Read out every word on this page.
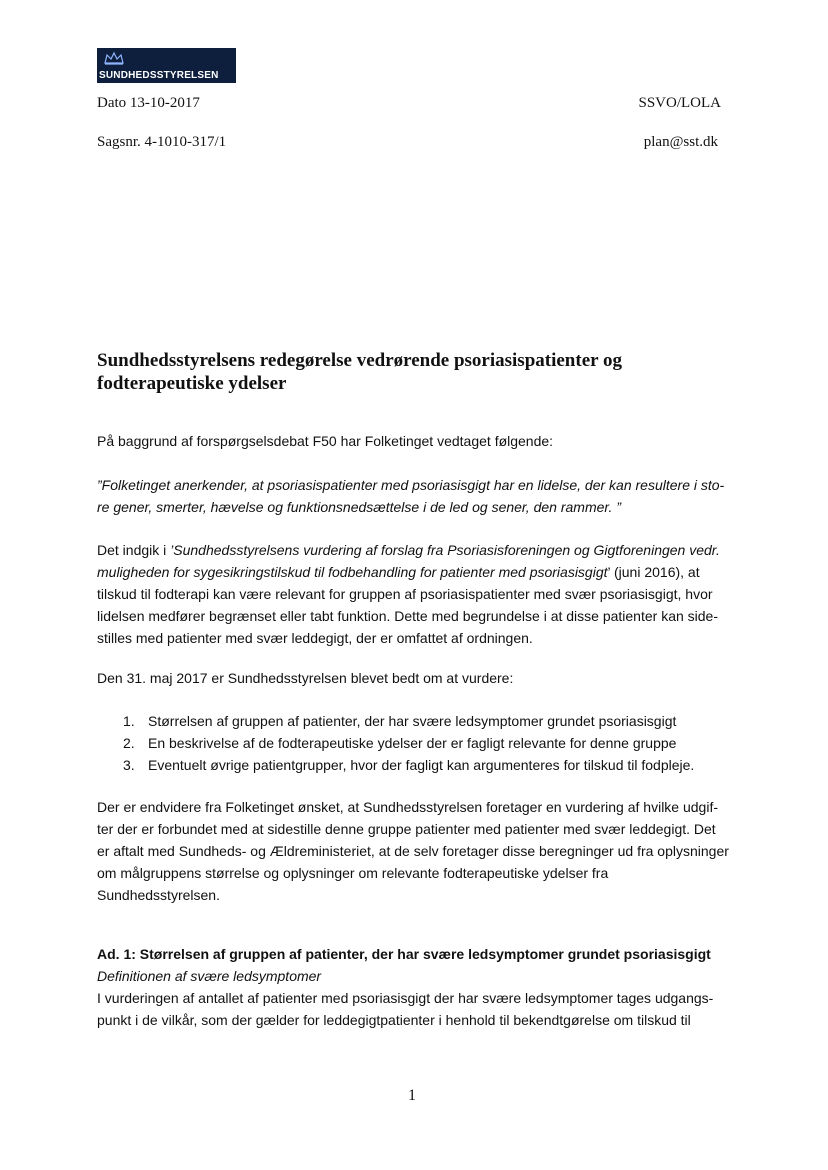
SUNDHEDSSTYRELSEN
Dato 13-10-2017	SSVO/LOLA
Sagsnr. 4-1010-317/1	plan@sst.dk
Sundhedsstyrelsens redegørelse vedrørende psoriasispatienter og
fodterapeutiske ydelser

På baggrund af forspørgselsdebat F50 har Folketinget vedtaget følgende:

”Folketinget anerkender, at psoriasispatienter med psoriasisgigt har en lidelse, der kan resultere i sto-

re gener, smerter, hævelse og funktionsnedsættelse i de led og sener, den rammer. ”

Det indgik i ’Sundhedsstyrelsens vurdering af forslag fra Psoriasisforeningen og Gigtforeningen vedr.

muligheden for sygesikringstilskud til fodbehandling for patienter med psoriasisgigt’ (juni 2016), at

tilskud til fodterapi kan være relevant for gruppen af psoriasispatienter med svær psoriasisgigt, hvor

lidelsen medfører begrænset eller tabt funktion. Dette med begrundelse i at disse patienter kan side-

stilles med patienter med svær leddegigt, der er omfattet af ordningen.

Den 31. maj 2017 er Sundhedsstyrelsen blevet bedt om at vurdere:

1. Størrelsen af gruppen af patienter, der har svære ledsymptomer grundet psoriasisgigt
2. En beskrivelse af de fodterapeutiske ydelser der er fagligt relevante for denne gruppe
3. Eventuelt øvrige patientgrupper, hvor der fagligt kan argumenteres for tilskud til fodpleje.

Der er endvidere fra Folketinget ønsket, at Sundhedsstyrelsen foretager en vurdering af hvilke udgif-

ter der er forbundet med at sidestille denne gruppe patienter med patienter med svær leddegigt. Det

er aftalt med Sundheds- og Ældreministeriet, at de selv foretager disse beregninger ud fra oplysninger

om målgruppens størrelse og oplysninger om relevante fodterapeutiske ydelser fra

Sundhedsstyrelsen.

Ad. 1: Størrelsen af gruppen af patienter, der har svære ledsymptomer grundet psoriasisgigt

Definitionen af svære ledsymptomer

I vurderingen af antallet af patienter med psoriasisgigt der har svære ledsymptomer tages udgangs-

punkt i de vilkår, som der gælder for leddegigtpatienter i henhold til bekendtgørelse om tilskud til

1
